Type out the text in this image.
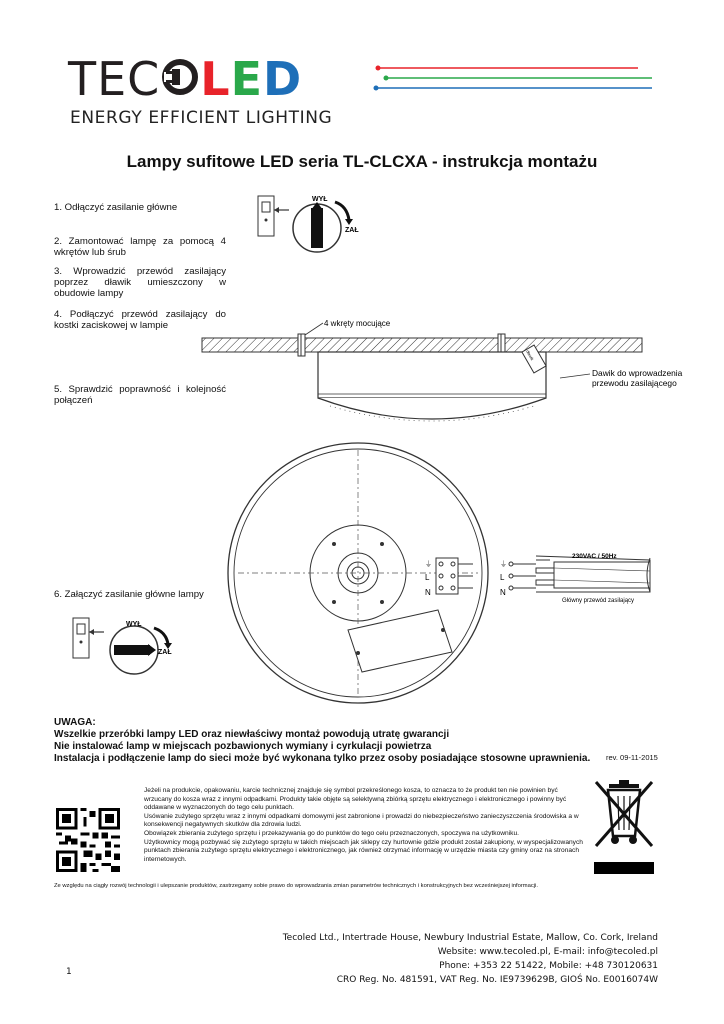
TEC LED
ENERGY EFFICIENT LIGHTING
Lampy sufitowe LED seria TL-CLCXA - instrukcja montażu
1. Odłączyć zasilanie główne
2. Zamontować lampę za pomocą 4 wkrętów lub śrub
3. Wprowadzić przewód zasilający poprzez dławik umieszczony w obudowie lampy
4. Podłączyć przewód zasilający do kostki zaciskowej w lampie
5. Sprawdzić poprawność i kolejność połączeń
6. Załączyć zasilanie główne lampy
WYŁ
ZAŁ
4 wkręty mocujące
dławik
Dawik do wprowadzenia
przewodu zasilającego
⏚
L
N
⏚
L
N
230VAC / 50Hz
Główny przewód zasilający
WYŁ
ZAŁ
UWAGA:
Wszelkie przeróbki lampy LED oraz niewłaściwy montaż powodują utratę gwarancji
Nie instalować lamp w miejscach pozbawionych wymiany i cyrkulacji powietrza
Instalacja i podłączenie lamp do sieci może być wykonana tylko przez osoby posiadające stosowne uprawnienia.	rev. 09-11-2015
Jeżeli na produkcie, opakowaniu, karcie technicznej znajduje się symbol przekreślonego kosza, to oznacza to że produkt ten nie powinien być wrzucany do kosza wraz z innymi odpadkami. Produkty takie objęte są selektywną zbiórką sprzętu elektrycznego i elektronicznego i powinny być oddawane w wyznaczonych do tego celu punktach.
Usówanie zużytego sprzętu wraz z innymi odpadkami domowymi jest zabronione i prowadzi do niebezpieczeństwo zanieczyszczenia środowiska a w konsekwencji negatywnych skutków dla zdrowia ludzi.
Obowiązek zbierania zużytego sprzętu i przekazywania go do punktów do tego celu przeznaczonych, spoczywa na użytkowniku.
Użytkownicy mogą pozbywać się zużytego sprzętu w takich miejscach jak sklepy czy hurtownie gdzie produkt został zakupiony, w wyspecjalizowanych punktach zbierania zużytego sprzętu elektrycznego i elektronicznego, jak również otrzymać informację w urzędzie miasta czy gminy oraz na stronach internetowych.
Ze względu na ciągły rozwój technologii i ulepszanie produktów, zastrzegamy sobie prawo do wprowadzania zmian parametrów technicznych i konstrukcyjnych bez wcześniejszej informacji.
Tecoled Ltd., Intertrade House, Newbury Industrial Estate, Mallow, Co. Cork, Ireland
Website: www.tecoled.pl, E-mail: info@tecoled.pl
Phone: +353 22 51422, Mobile: +48 730120631
CRO Reg. No. 481591, VAT Reg. No. IE9739629B, GIOŚ No. E0016074W
1
